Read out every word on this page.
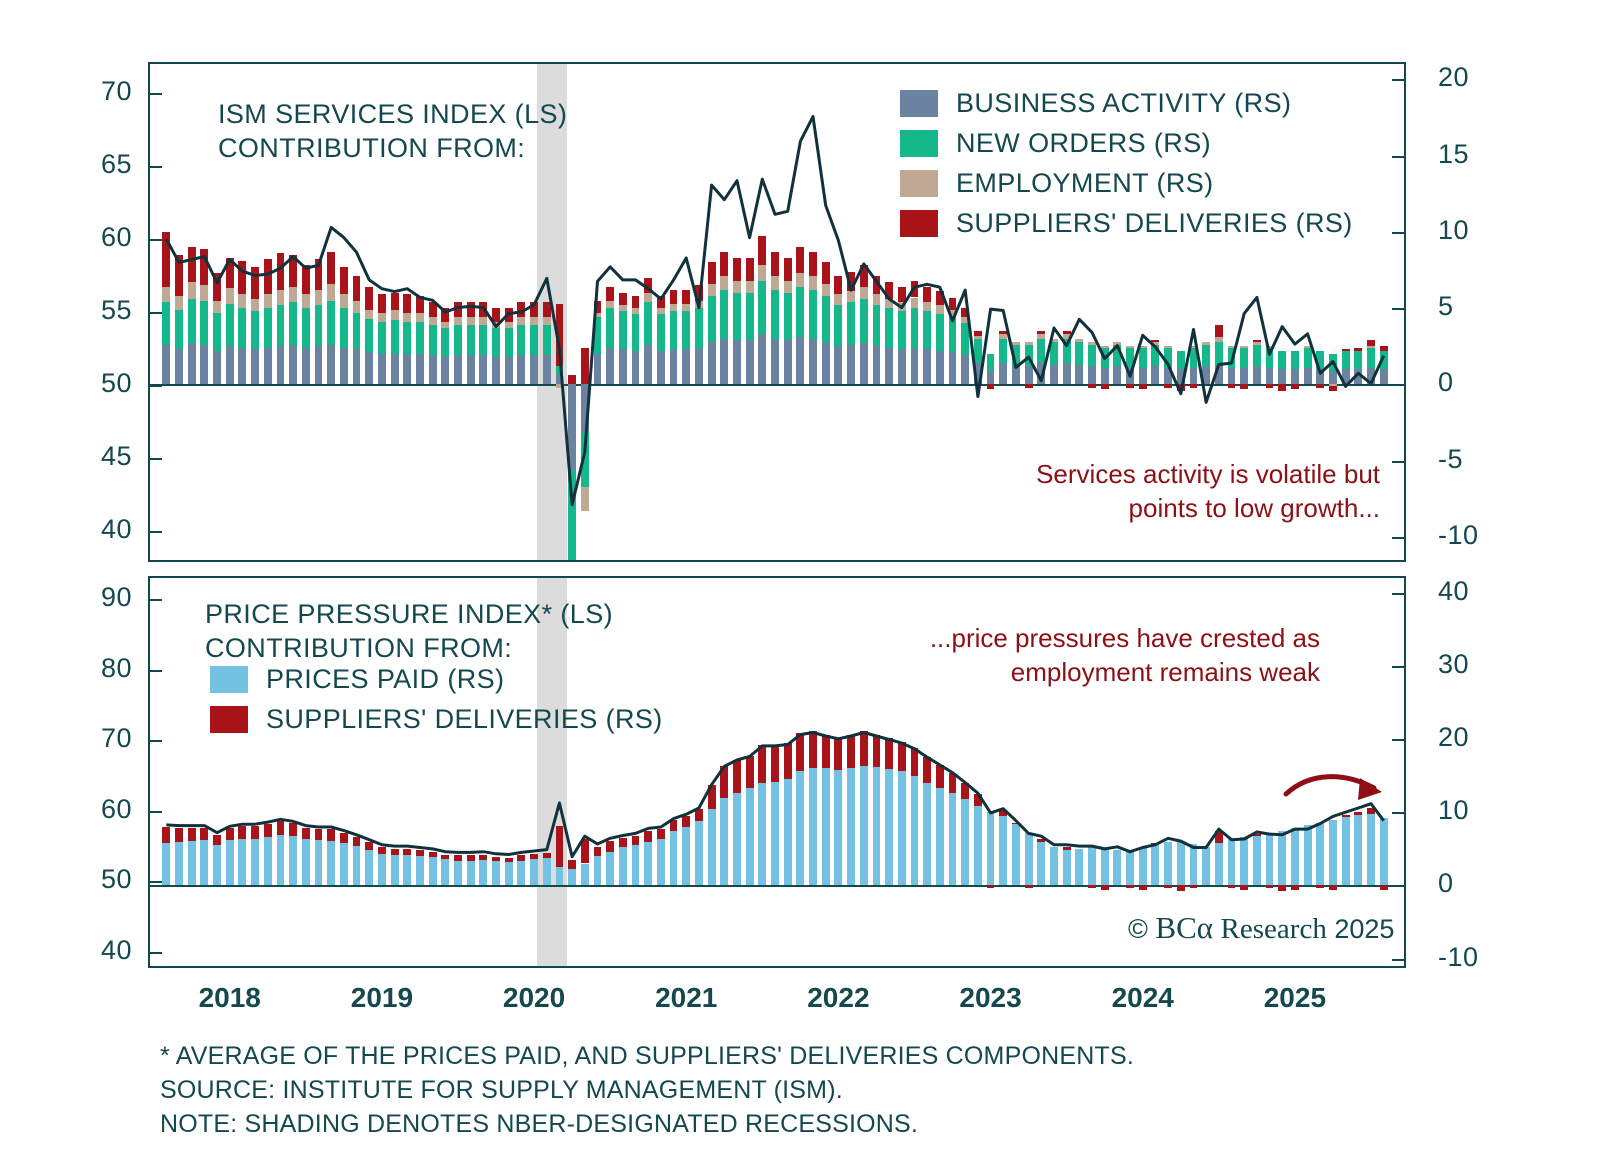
40
45
50
55
60
65
70
-10
-5
0
5
10
15
20
ISM SERVICES INDEX (LS)
CONTRIBUTION FROM:
BUSINESS ACTIVITY (RS)
NEW ORDERS (RS)
EMPLOYMENT (RS)
SUPPLIERS' DELIVERIES (RS)
Services activity is volatile but
points to low growth...
40
50
60
70
80
90
-10
0
10
20
30
40
PRICE PRESSURE INDEX* (LS)
CONTRIBUTION FROM:
PRICES PAID (RS)
SUPPLIERS' DELIVERIES (RS)
...price pressures have crested as
employment remains weak
© BCα Research 2025
2018	2019	2020	2021	2022	2023	2024	2025
* AVERAGE OF THE PRICES PAID, AND SUPPLIERS' DELIVERIES COMPONENTS.
SOURCE: INSTITUTE FOR SUPPLY MANAGEMENT (ISM).
NOTE: SHADING DENOTES NBER-DESIGNATED RECESSIONS.
